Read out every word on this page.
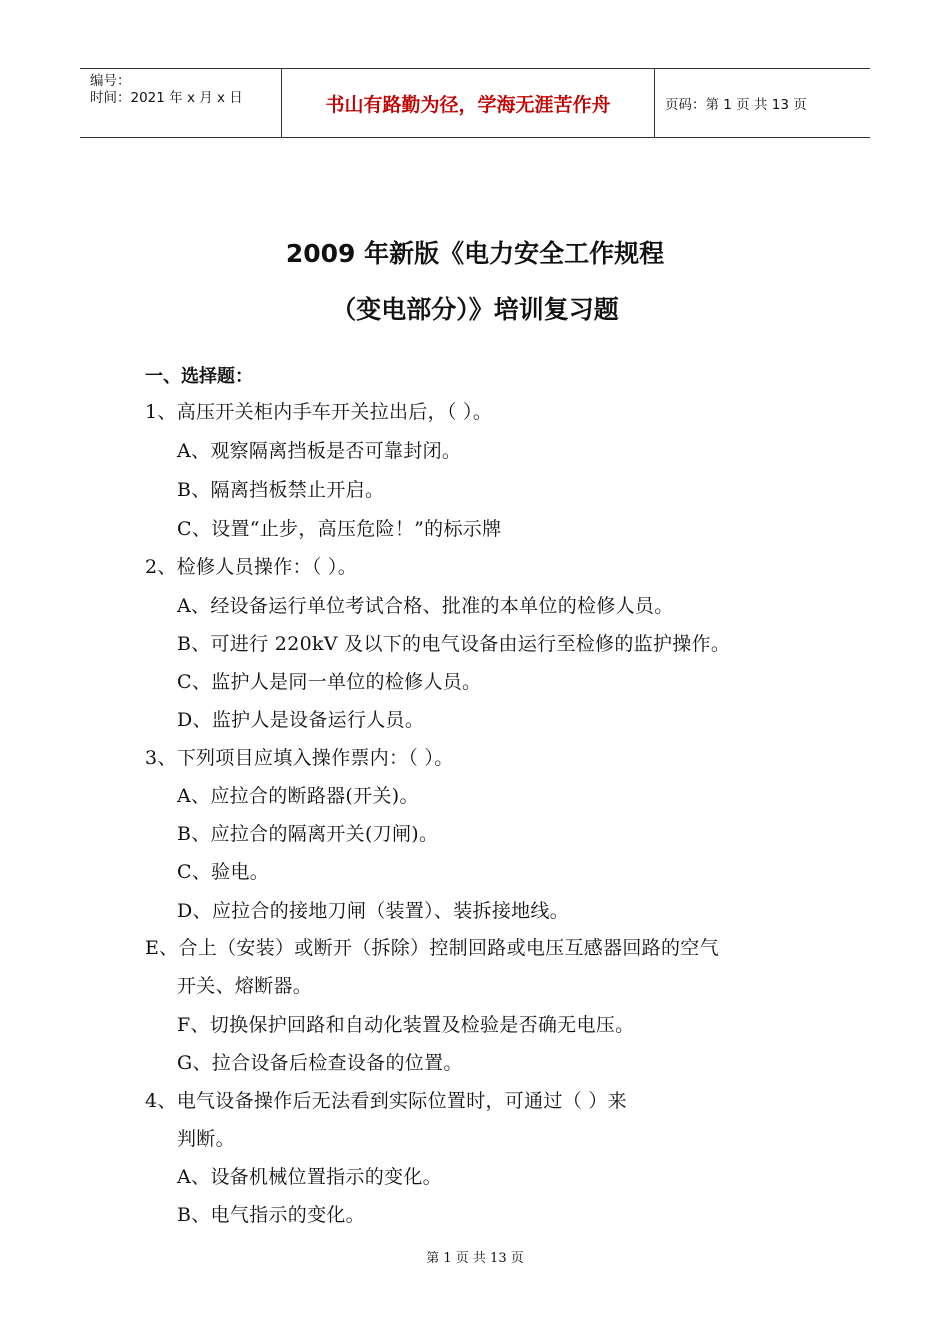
编号：
时间：2021 年 x 月 x 日	书山有路勤为径，学海无涯苦作舟	页码：第 1 页 共 13 页
2009 年新版《电力安全工作规程
（变电部分）》培训复习题
一、选择题：
1、高压开关柜内手车开关拉出后，（ ）。
A、观察隔离挡板是否可靠封闭。
B、隔离挡板禁止开启。
C、设置“止步，高压危险！”的标示牌
2、检修人员操作：（ ）。
A、经设备运行单位考试合格、批准的本单位的检修人员。
B、可进行 220kV 及以下的电气设备由运行至检修的监护操作。
C、监护人是同一单位的检修人员。
D、监护人是设备运行人员。
3、下列项目应填入操作票内：（ ）。
A、应拉合的断路器(开关)。
B、应拉合的隔离开关(刀闸)。
C、验电。
D、应拉合的接地刀闸（装置）、装拆接地线。
E、合上（安装）或断开（拆除）控制回路或电压互感器回路的空气
开关、熔断器。
F、切换保护回路和自动化装置及检验是否确无电压。
G、拉合设备后检查设备的位置。
4、电气设备操作后无法看到实际位置时，可通过（ ）来
判断。
A、设备机械位置指示的变化。
B、电气指示的变化。
第 1 页 共 13 页
